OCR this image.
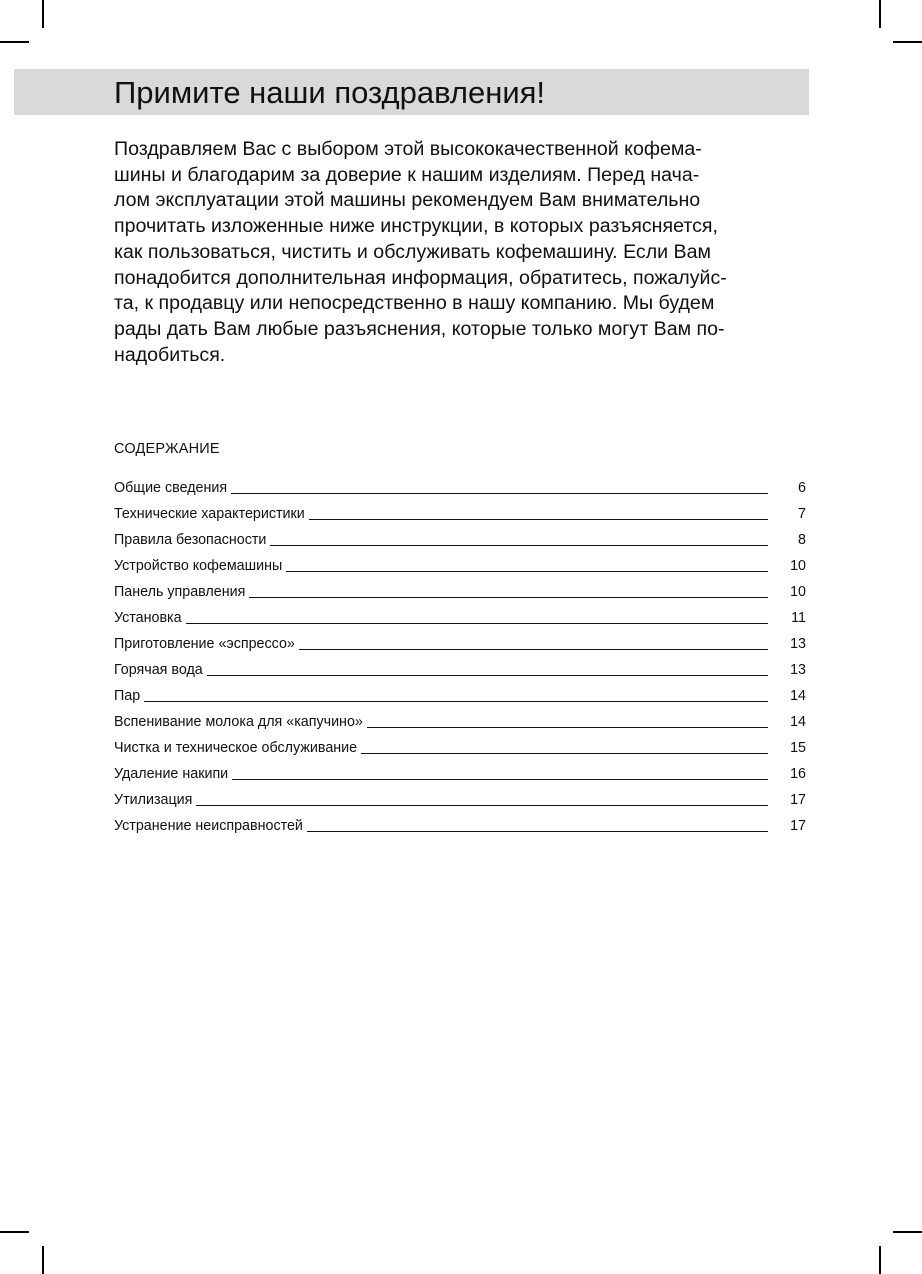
Примите наши поздравления!
Поздравляем Вас с выбором этой высококачественной кофема-
шины и благодарим за доверие к нашим изделиям. Перед нача-
лом эксплуатации этой машины рекомендуем Вам внимательно
прочитать изложенные ниже инструкции, в которых разъясняется,
как пользоваться, чистить и обслуживать кофемашину. Если Вам
понадобится дополнительная информация, обратитесь, пожалуйс-
та, к продавцу или непосредственно в нашу компанию. Мы будем
рады дать Вам любые разъяснения, которые только могут Вам по-
надобиться.
СОДЕРЖАНИЕ
Общие сведения	6
Технические характеристики	7
Правила безопасности	8
Устройство кофемашины	10
Панель управления	10
Установка	11
Приготовление «эспрессо»	13
Горячая вода	13
Пар	14
Вспенивание молока для «капучино»	14
Чистка и техническое обслуживание	15
Удаление накипи	16
Утилизация	17
Устранение неисправностей	17
